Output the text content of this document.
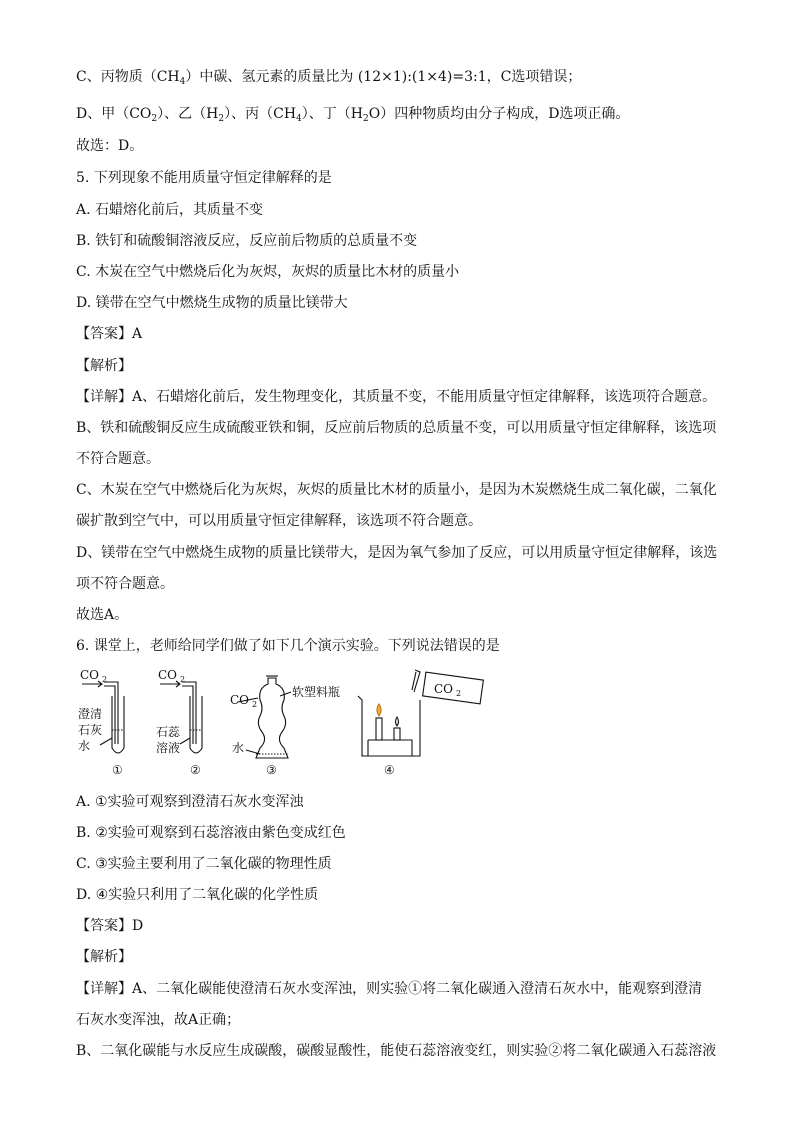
C、丙物质$(CH_4)$中碳、氢元素的质量比为 (12×1):(1×4)=3:1，C选项错误；
D、甲$(CO_2)$、乙$(H_2)$、丙$(CH_4)$、丁$(H_2O)$四种物质均由分子构成，D选项正确。
故选：D。
5. 下列现象不能用质量守恒定律解释的是
A. 石蜡熔化前后，其质量不变
B. 铁钉和硫酸铜溶液反应，反应前后物质的总质量不变
C. 木炭在空气中燃烧后化为灰烬，灰烬的质量比木材的质量小
D. 镁带在空气中燃烧生成物的质量比镁带大
【答案】A
【解析】
【详解】A、石蜡熔化前后，发生物理变化，其质量不变，不能用质量守恒定律解释，该选项符合题意。
B、铁和硫酸铜反应生成硫酸亚铁和铜，反应前后物质的总质量不变，可以用质量守恒定律解释，该选项
不符合题意。
C、木炭在空气中燃烧后化为灰烬，灰烬的质量比木材的质量小，是因为木炭燃烧生成二氧化碳，二氧化
碳扩散到空气中，可以用质量守恒定律解释，该选项不符合题意。
D、镁带在空气中燃烧生成物的质量比镁带大，是因为氧气参加了反应，可以用质量守恒定律解释，该选
项不符合题意。
故选A。
6. 课堂上，老师给同学们做了如下几个演示实验。下列说法错误的是
CO 2	CO 2
澄清
石灰
水
石蕊
溶液
CO 2
软塑料瓶
水
CO 2
①	②	③	④
A. ①实验可观察到澄清石灰水变浑浊
B. ②实验可观察到石蕊溶液由紫色变成红色
C. ③实验主要利用了二氧化碳的物理性质
D. ④实验只利用了二氧化碳的化学性质
【答案】D
【解析】
【详解】A、二氧化碳能使澄清石灰水变浑浊，则实验①将二氧化碳通入澄清石灰水中，能观察到澄清
石灰水变浑浊，故A正确；
B、二氧化碳能与水反应生成碳酸，碳酸显酸性，能使石蕊溶液变红，则实验②将二氧化碳通入石蕊溶液
